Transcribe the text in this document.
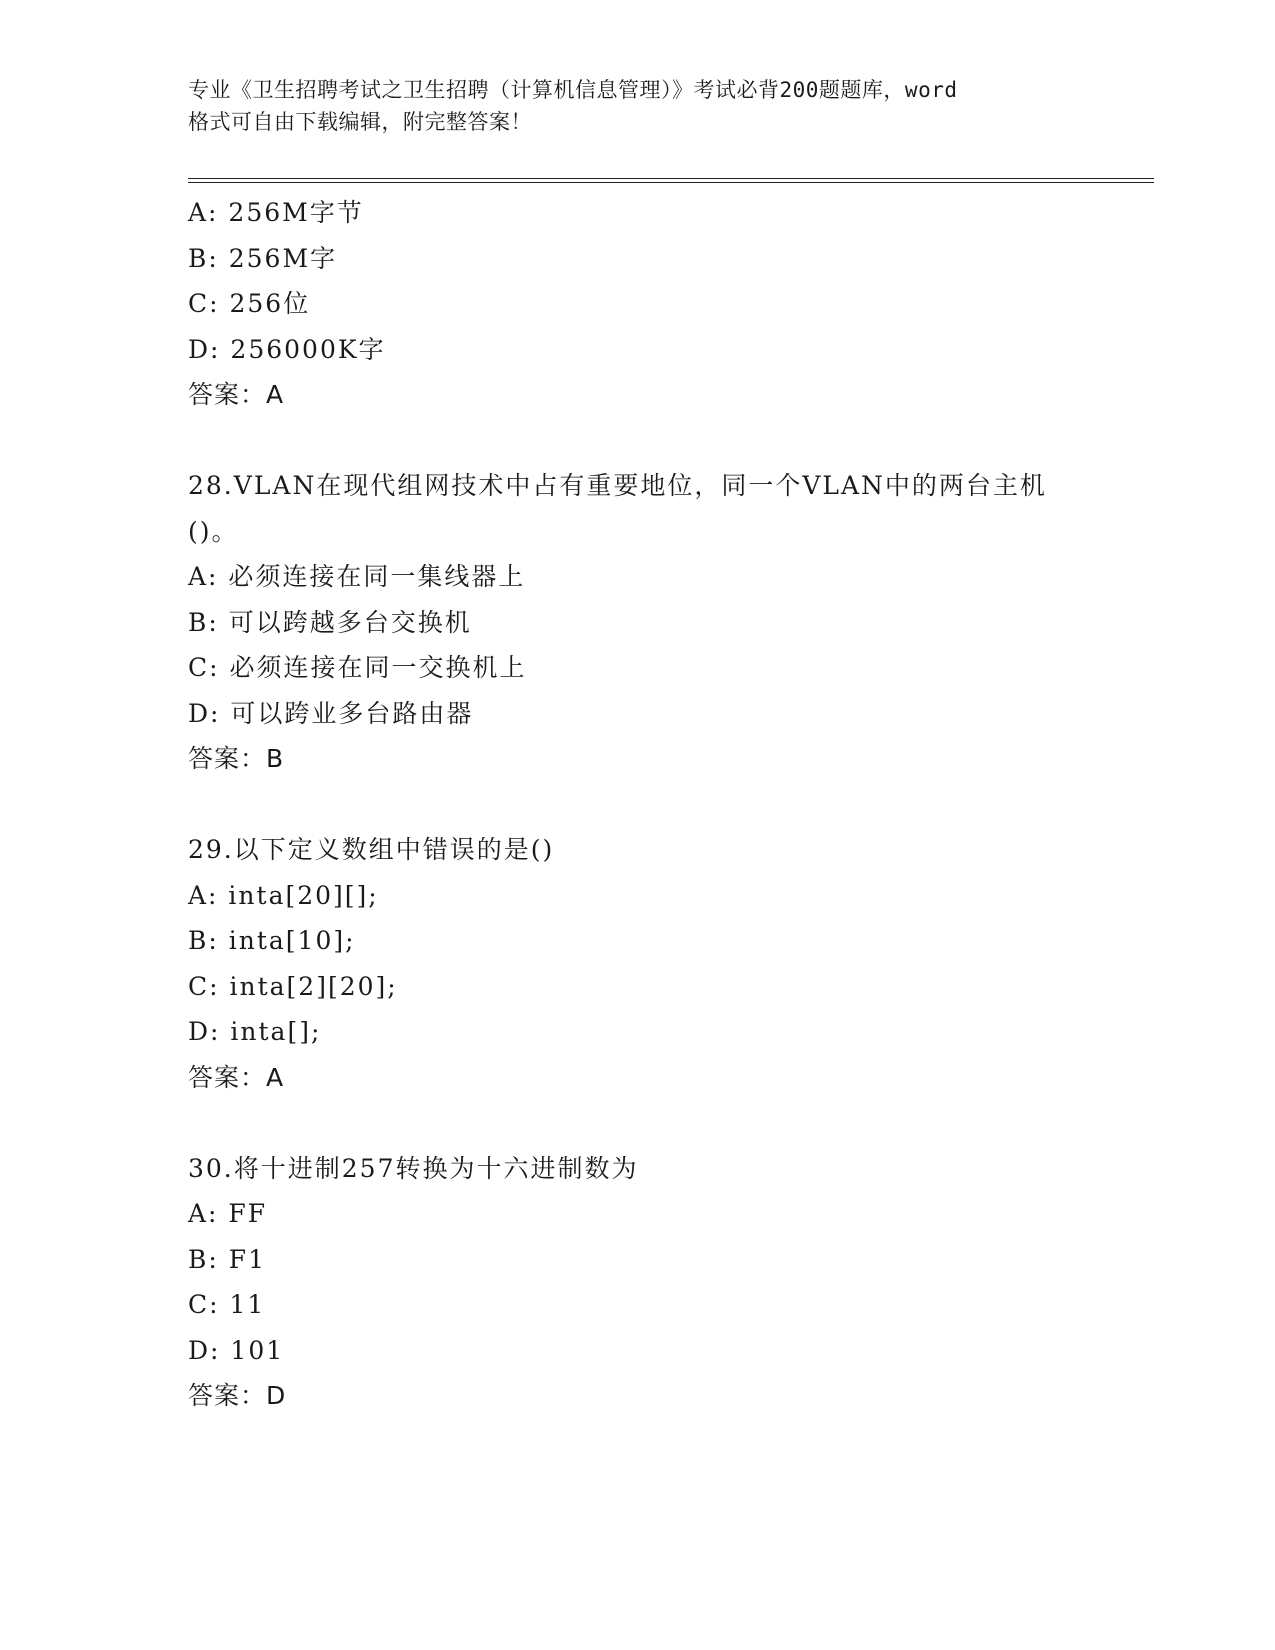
专业《卫生招聘考试之卫生招聘（计算机信息管理）》考试必背200题题库，word
格式可自由下载编辑，附完整答案！
A: 256M字节
B: 256M字
C: 256位
D: 256000K字
答案：A
28.VLAN在现代组网技术中占有重要地位，同一个VLAN中的两台主机
()。
A: 必须连接在同一集线器上
B: 可以跨越多台交换机
C: 必须连接在同一交换机上
D: 可以跨业多台路由器
答案：B
29.以下定义数组中错误的是()
A: inta[20][];
B: inta[10];
C: inta[2][20];
D: inta[];
答案：A
30.将十进制257转换为十六进制数为
A: FF
B: F1
C: 11
D: 101
答案：D
